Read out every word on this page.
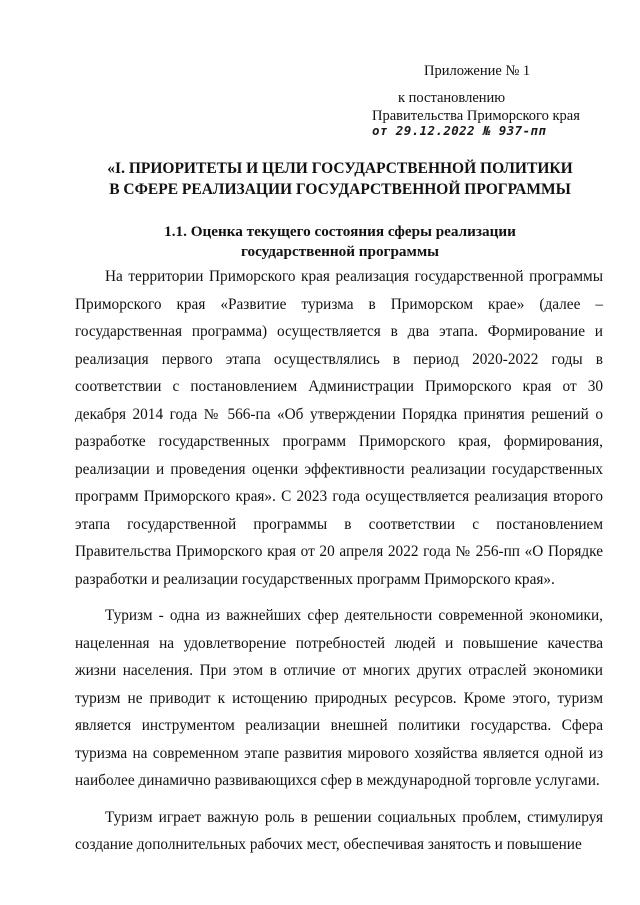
Приложение № 1
к постановлению
Правительства Приморского края
от 29.12.2022 № 937-пп
«I. ПРИОРИТЕТЫ И ЦЕЛИ ГОСУДАРСТВЕННОЙ ПОЛИТИКИ
В СФЕРЕ РЕАЛИЗАЦИИ ГОСУДАРСТВЕННОЙ ПРОГРАММЫ
1.1. Оценка текущего состояния сферы реализации
государственной программы

На территории Приморского края реализация государственной программы Приморского края «Развитие туризма в Приморском крае» (далее – государственная программа) осуществляется в два этапа. Формирование и реализация первого этапа осуществлялись в период 2020-2022 годы в соответствии с постановлением Администрации Приморского края от 30 декабря 2014 года № 566-па «Об утверждении Порядка принятия решений о разработке государственных программ Приморского края, формирования, реализации и проведения оценки эффективности реализации государственных программ Приморского края». С 2023 года осуществляется реализация второго этапа государственной программы в соответствии с постановлением Правительства Приморского края от 20 апреля 2022 года № 256-пп «О Порядке разработки и реализации государственных программ Приморского края».

Туризм - одна из важнейших сфер деятельности современной экономики, нацеленная на удовлетворение потребностей людей и повышение качества жизни населения. При этом в отличие от многих других отраслей экономики туризм не приводит к истощению природных ресурсов. Кроме этого, туризм является инструментом реализации внешней политики государства. Сфера туризма на современном этапе развития мирового хозяйства является одной из наиболее динамично развивающихся сфер в международной торговле услугами.

Туризм играет важную роль в решении социальных проблем, стимулируя создание дополнительных рабочих мест, обеспечивая занятость и повышение
